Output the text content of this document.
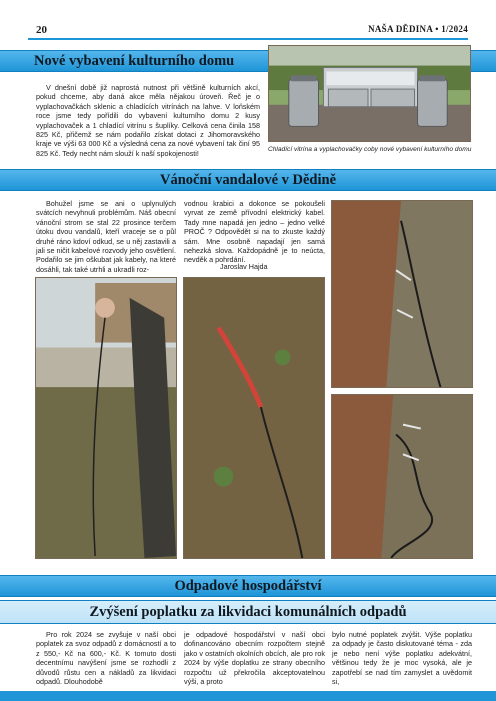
20	NAŠA DĚDINA • 1/2024
Nové vybavení kulturního domu
V dnešní době již naprostá nutnost při většině kulturních akcí, pokud chceme, aby daná akce měla nějakou úroveň. Řeč je o vyplachovačkách sklenic a chladících vitrínách na lahve. V loňském roce jsme tedy pořídili do vybavení kulturního domu 2 kusy vyplachovaček a 1 chladící vitrínu s šuplíky. Celková cena činila 158 825 Kč, přičemž se nám podařilo získat dotaci z Jihomoravského kraje ve výši 63 000 Kč a výsledná cena za nové vybavení tak činí 95 825 Kč. Tedy necht nám slouží k naší spokojenosti!	Chladící vitrína a vyplachovačky coby nové vybavení kulturního domu
Vánoční vandalové v Dědině
Bohužel jsme se ani o uplynulých svátcích nevyhnuli problémům. Náš obecní vánoční strom se stal 22 prosince terčem útoku dvou vandalů, kteří vraceje se o půl druhé ráno kdoví odkud, se u něj zastavili a jali se ničit kabelové rozvody jeho osvětlení. Podařilo se jim oškubat jak kabely, na které dosáhli, tak také utrhli a ukradli roz-
vodnou krabici a dokonce se pokoušeli vyrvat ze země přívodní elektrický kabel. Tady mne napadá jen jedno – jedno velké PROČ ? Odpovědět si na to zkuste každý sám. Mne osobně napadají jen samá nehezká slova. Každopádně je to neúcta, nevděk a pohrdání.
Jaroslav Hajda
Odpadové hospodářství
Zvýšení poplatku za likvidaci komunálních odpadů
Pro rok 2024 se zvyšuje v naší obci poplatek za svoz odpadů z domácností a to z 550,- Kč na 600,- Kč. K tomuto dosti decentnímu navýšení jsme se rozhodli z důvodů růstu cen a nákladů za likvidaci odpadů. Dlouhodobě
je odpadové hospodářství v naší obci dofinancováno obecním rozpočtem stejně jako v ostatních okolních obcích, ale pro rok 2024 by výše doplatku ze strany obecního rozpočtu už překročila akceptovatelnou výši, a proto
bylo nutné poplatek zvýšit. Výše poplatku za odpady je často diskutované téma - zda je nebo není výše poplatku adekvátní, většinou tedy že je moc vysoká, ale je zapotřebí se nad tím zamyslet a uvědomit si,
